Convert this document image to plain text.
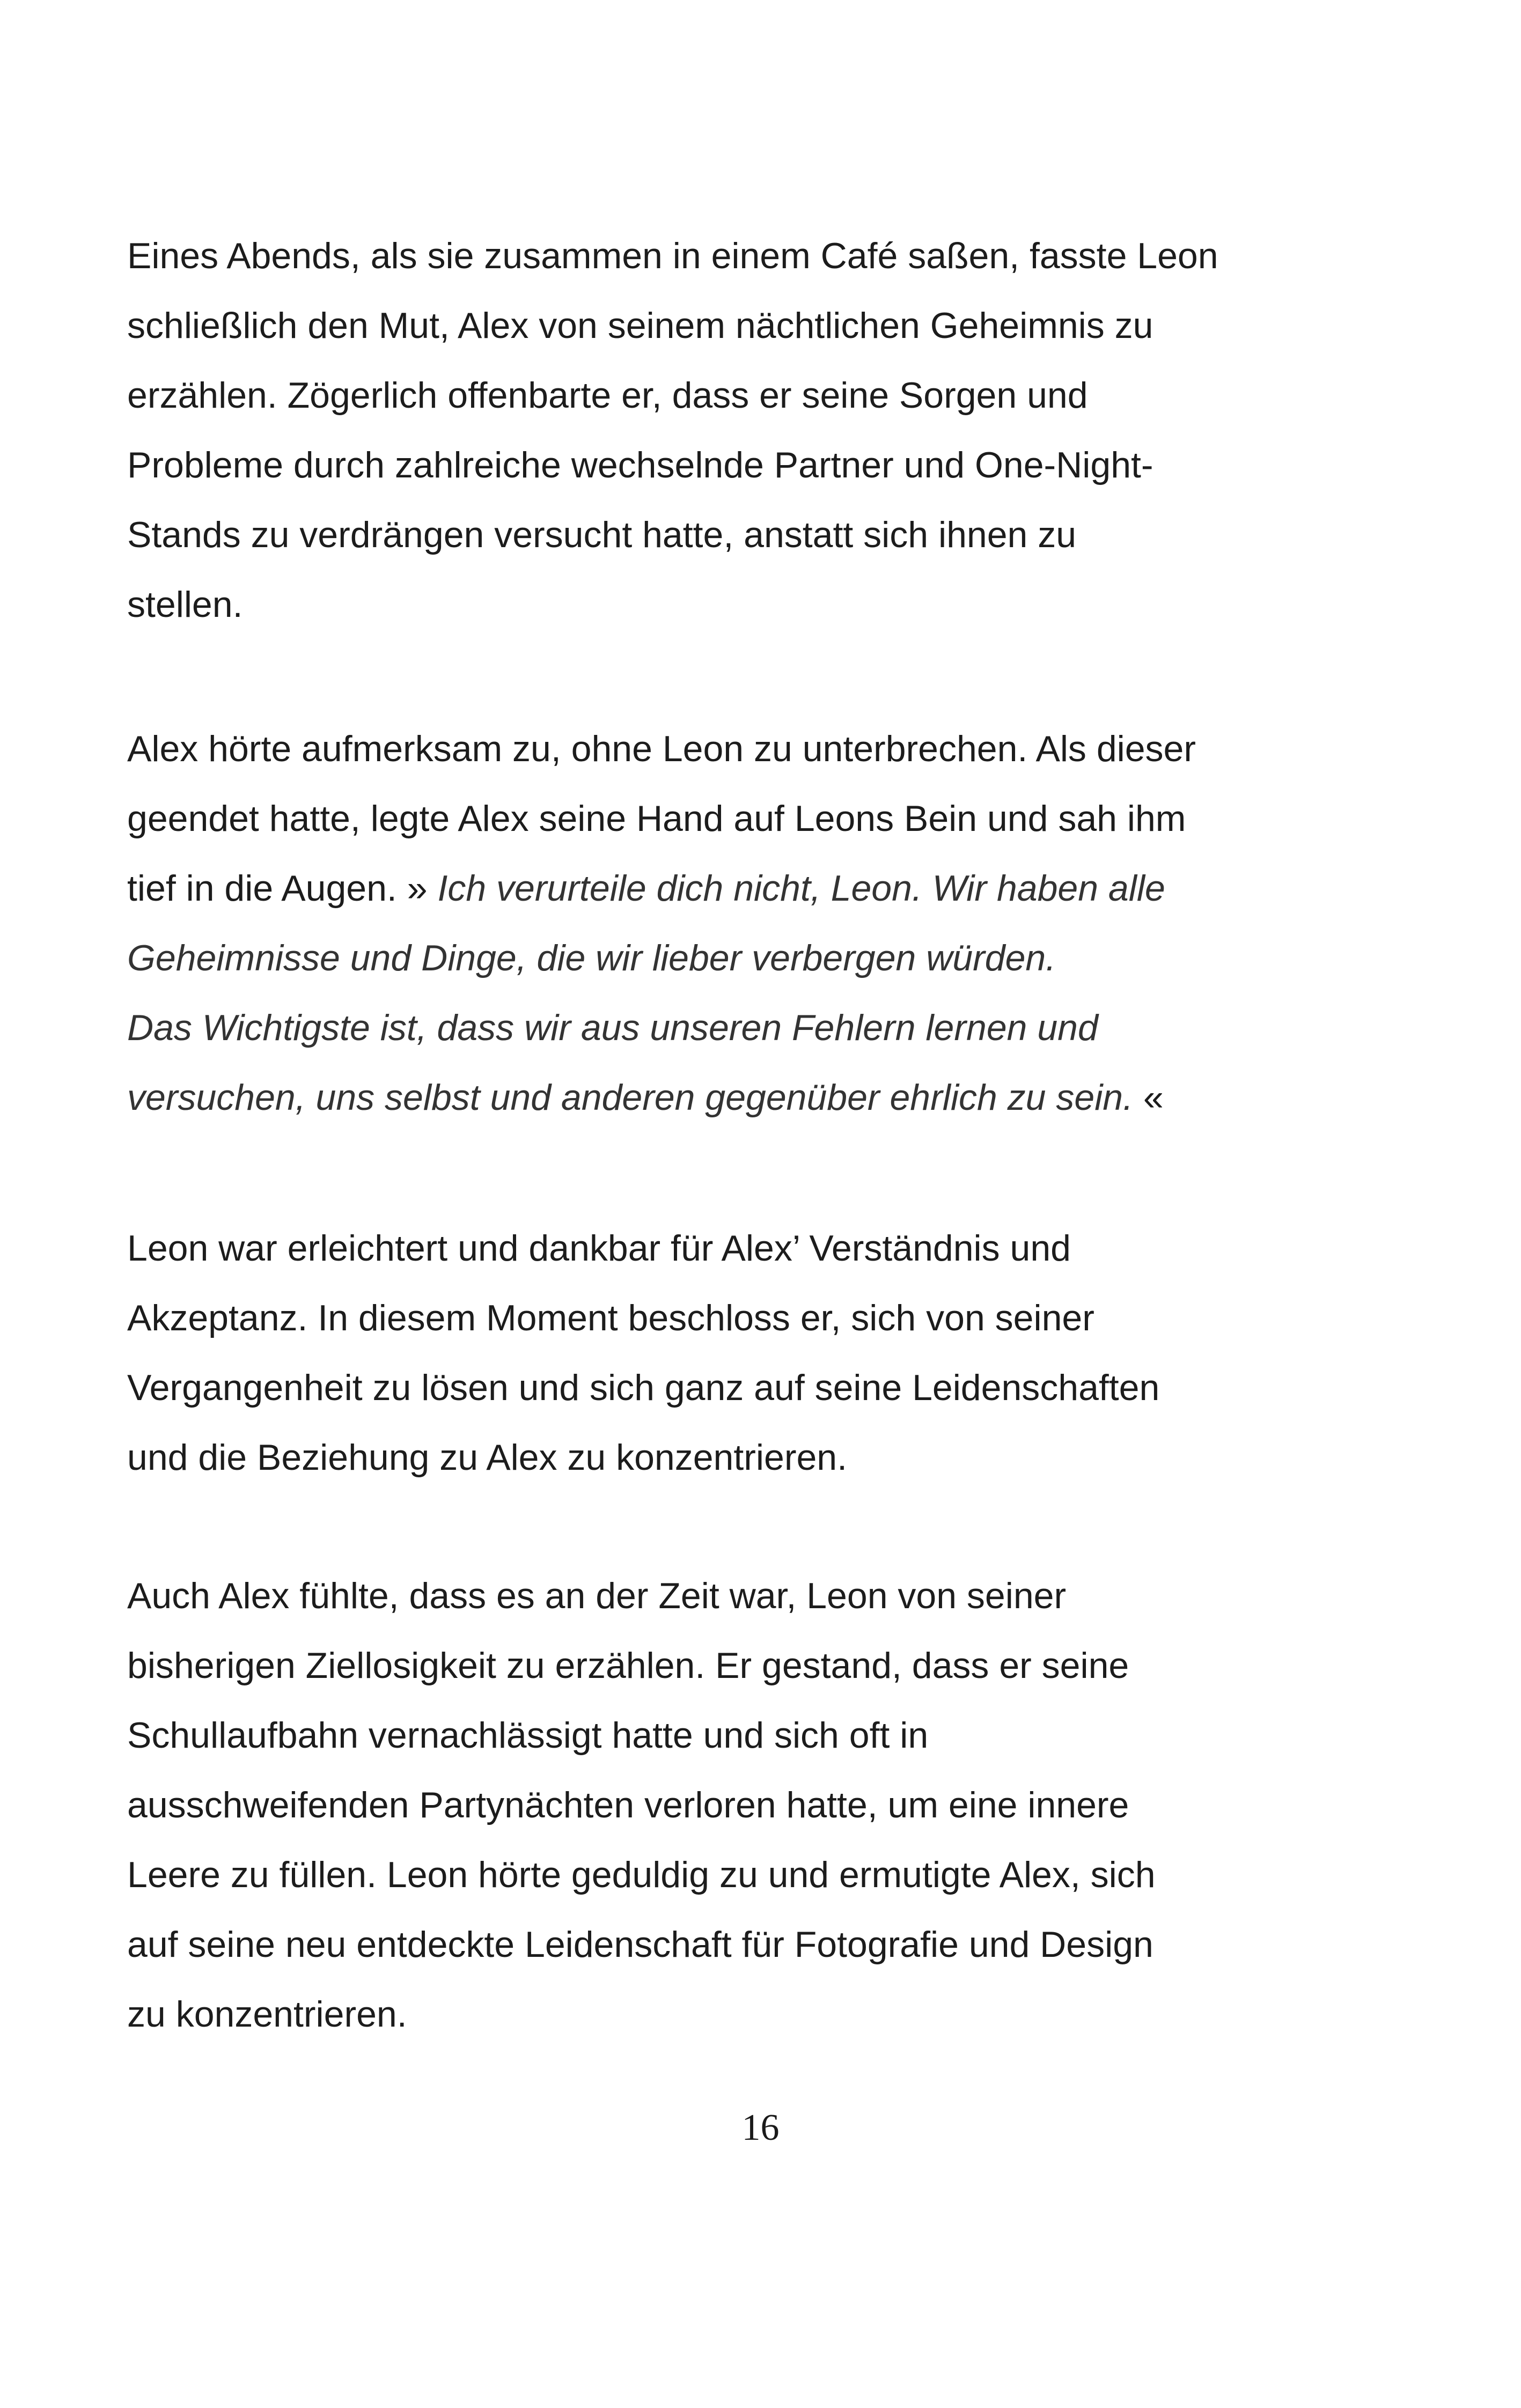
Eines Abends, als sie zusammen in einem Café saßen, fasste Leon
schließlich den Mut, Alex von seinem nächtlichen Geheimnis zu
erzählen. Zögerlich offenbarte er, dass er seine Sorgen und
Probleme durch zahlreiche wechselnde Partner und One-Night-
Stands zu verdrängen versucht hatte, anstatt sich ihnen zu
stellen.

Alex hörte aufmerksam zu, ohne Leon zu unterbrechen. Als dieser
geendet hatte, legte Alex seine Hand auf Leons Bein und sah ihm
tief in die Augen. » Ich verurteile dich nicht, Leon. Wir haben alle
Geheimnisse und Dinge, die wir lieber verbergen würden.
Das Wichtigste ist, dass wir aus unseren Fehlern lernen und
versuchen, uns selbst und anderen gegenüber ehrlich zu sein. «

Leon war erleichtert und dankbar für Alex’ Verständnis und
Akzeptanz. In diesem Moment beschloss er, sich von seiner
Vergangenheit zu lösen und sich ganz auf seine Leidenschaften
und die Beziehung zu Alex zu konzentrieren.

Auch Alex fühlte, dass es an der Zeit war, Leon von seiner
bisherigen Ziellosigkeit zu erzählen. Er gestand, dass er seine
Schullaufbahn vernachlässigt hatte und sich oft in
ausschweifenden Partynächten verloren hatte, um eine innere
Leere zu füllen. Leon hörte geduldig zu und ermutigte Alex, sich
auf seine neu entdeckte Leidenschaft für Fotografie und Design
zu konzentrieren.

16
